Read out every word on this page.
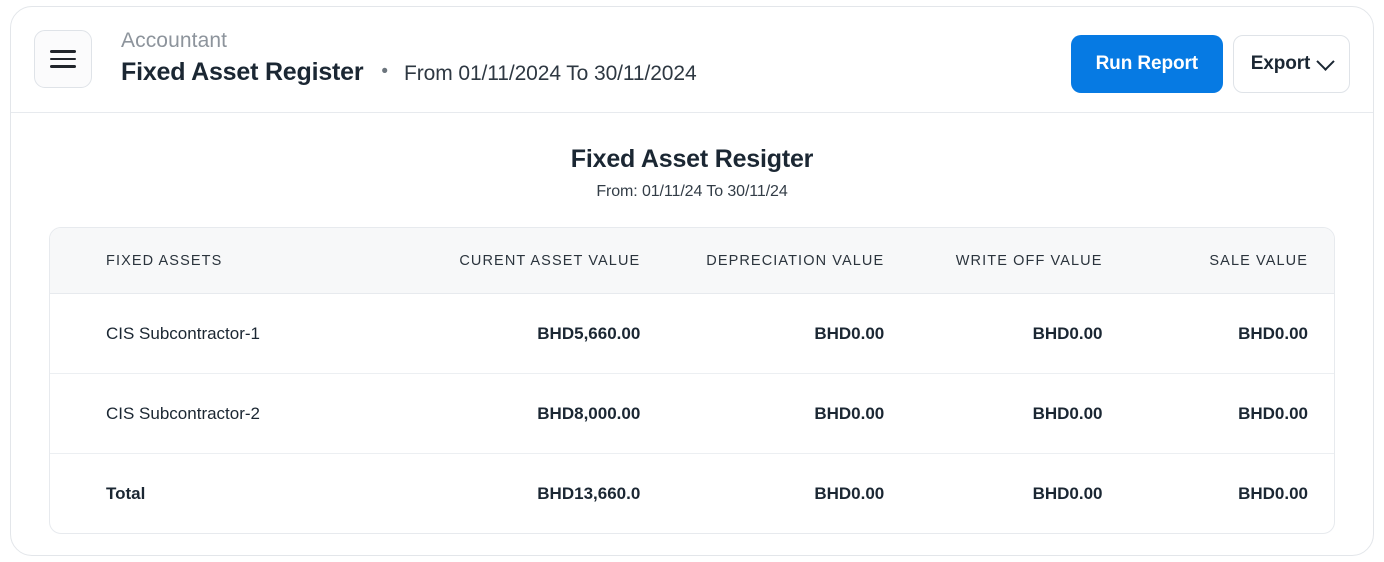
Accountant
Fixed Asset Register • From 01/11/2024 To 30/11/2024	Run Report	Export
Fixed Asset Resigter
From: 01/11/24 To 30/11/24
FIXED ASSETS	CURENT ASSET VALUE	DEPRECIATION VALUE	WRITE OFF VALUE	SALE VALUE
CIS Subcontractor-1	BHD5,660.00	BHD0.00	BHD0.00	BHD0.00
CIS Subcontractor-2	BHD8,000.00	BHD0.00	BHD0.00	BHD0.00
Total	BHD13,660.0	BHD0.00	BHD0.00	BHD0.00
